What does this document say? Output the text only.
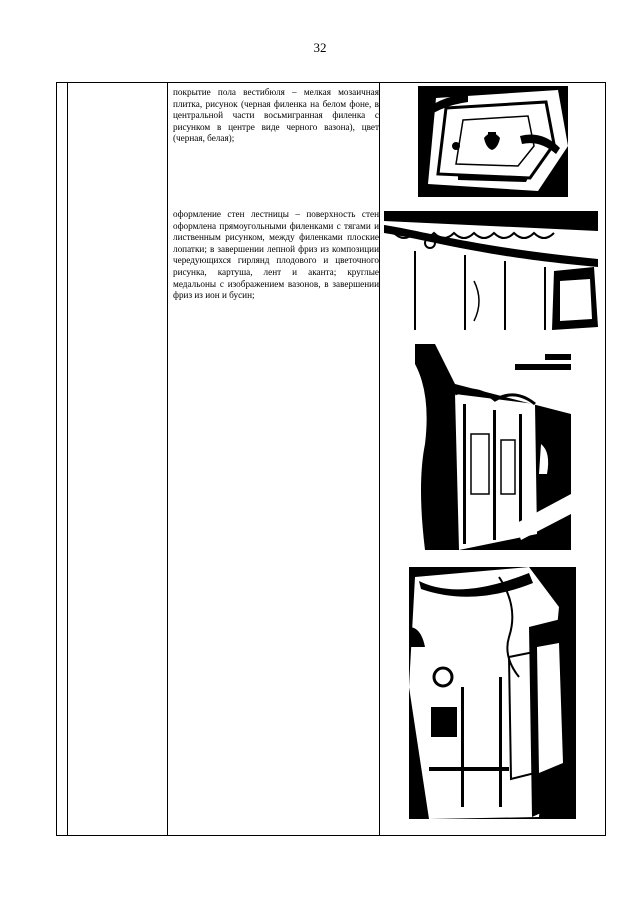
32
покрытие пола вестибюля – мелкая мозаичная плитка, рисунок (черная филенка на белом фоне, в центральной части восьмигранная филенка с рисунком в центре виде черного вазона), цвет (черная, белая);
оформление стен лестницы – поверхность стен оформлена прямоугольными филенками с тягами и лиственным рисунком, между филенками плоские лопатки; в завершении лепной фриз из композиции чередующихся гирлянд плодового и цветочного рисунка, картуша, лент и аканта; круглые медальоны с изображением вазонов, в завершении фриз из ион и бусин;
